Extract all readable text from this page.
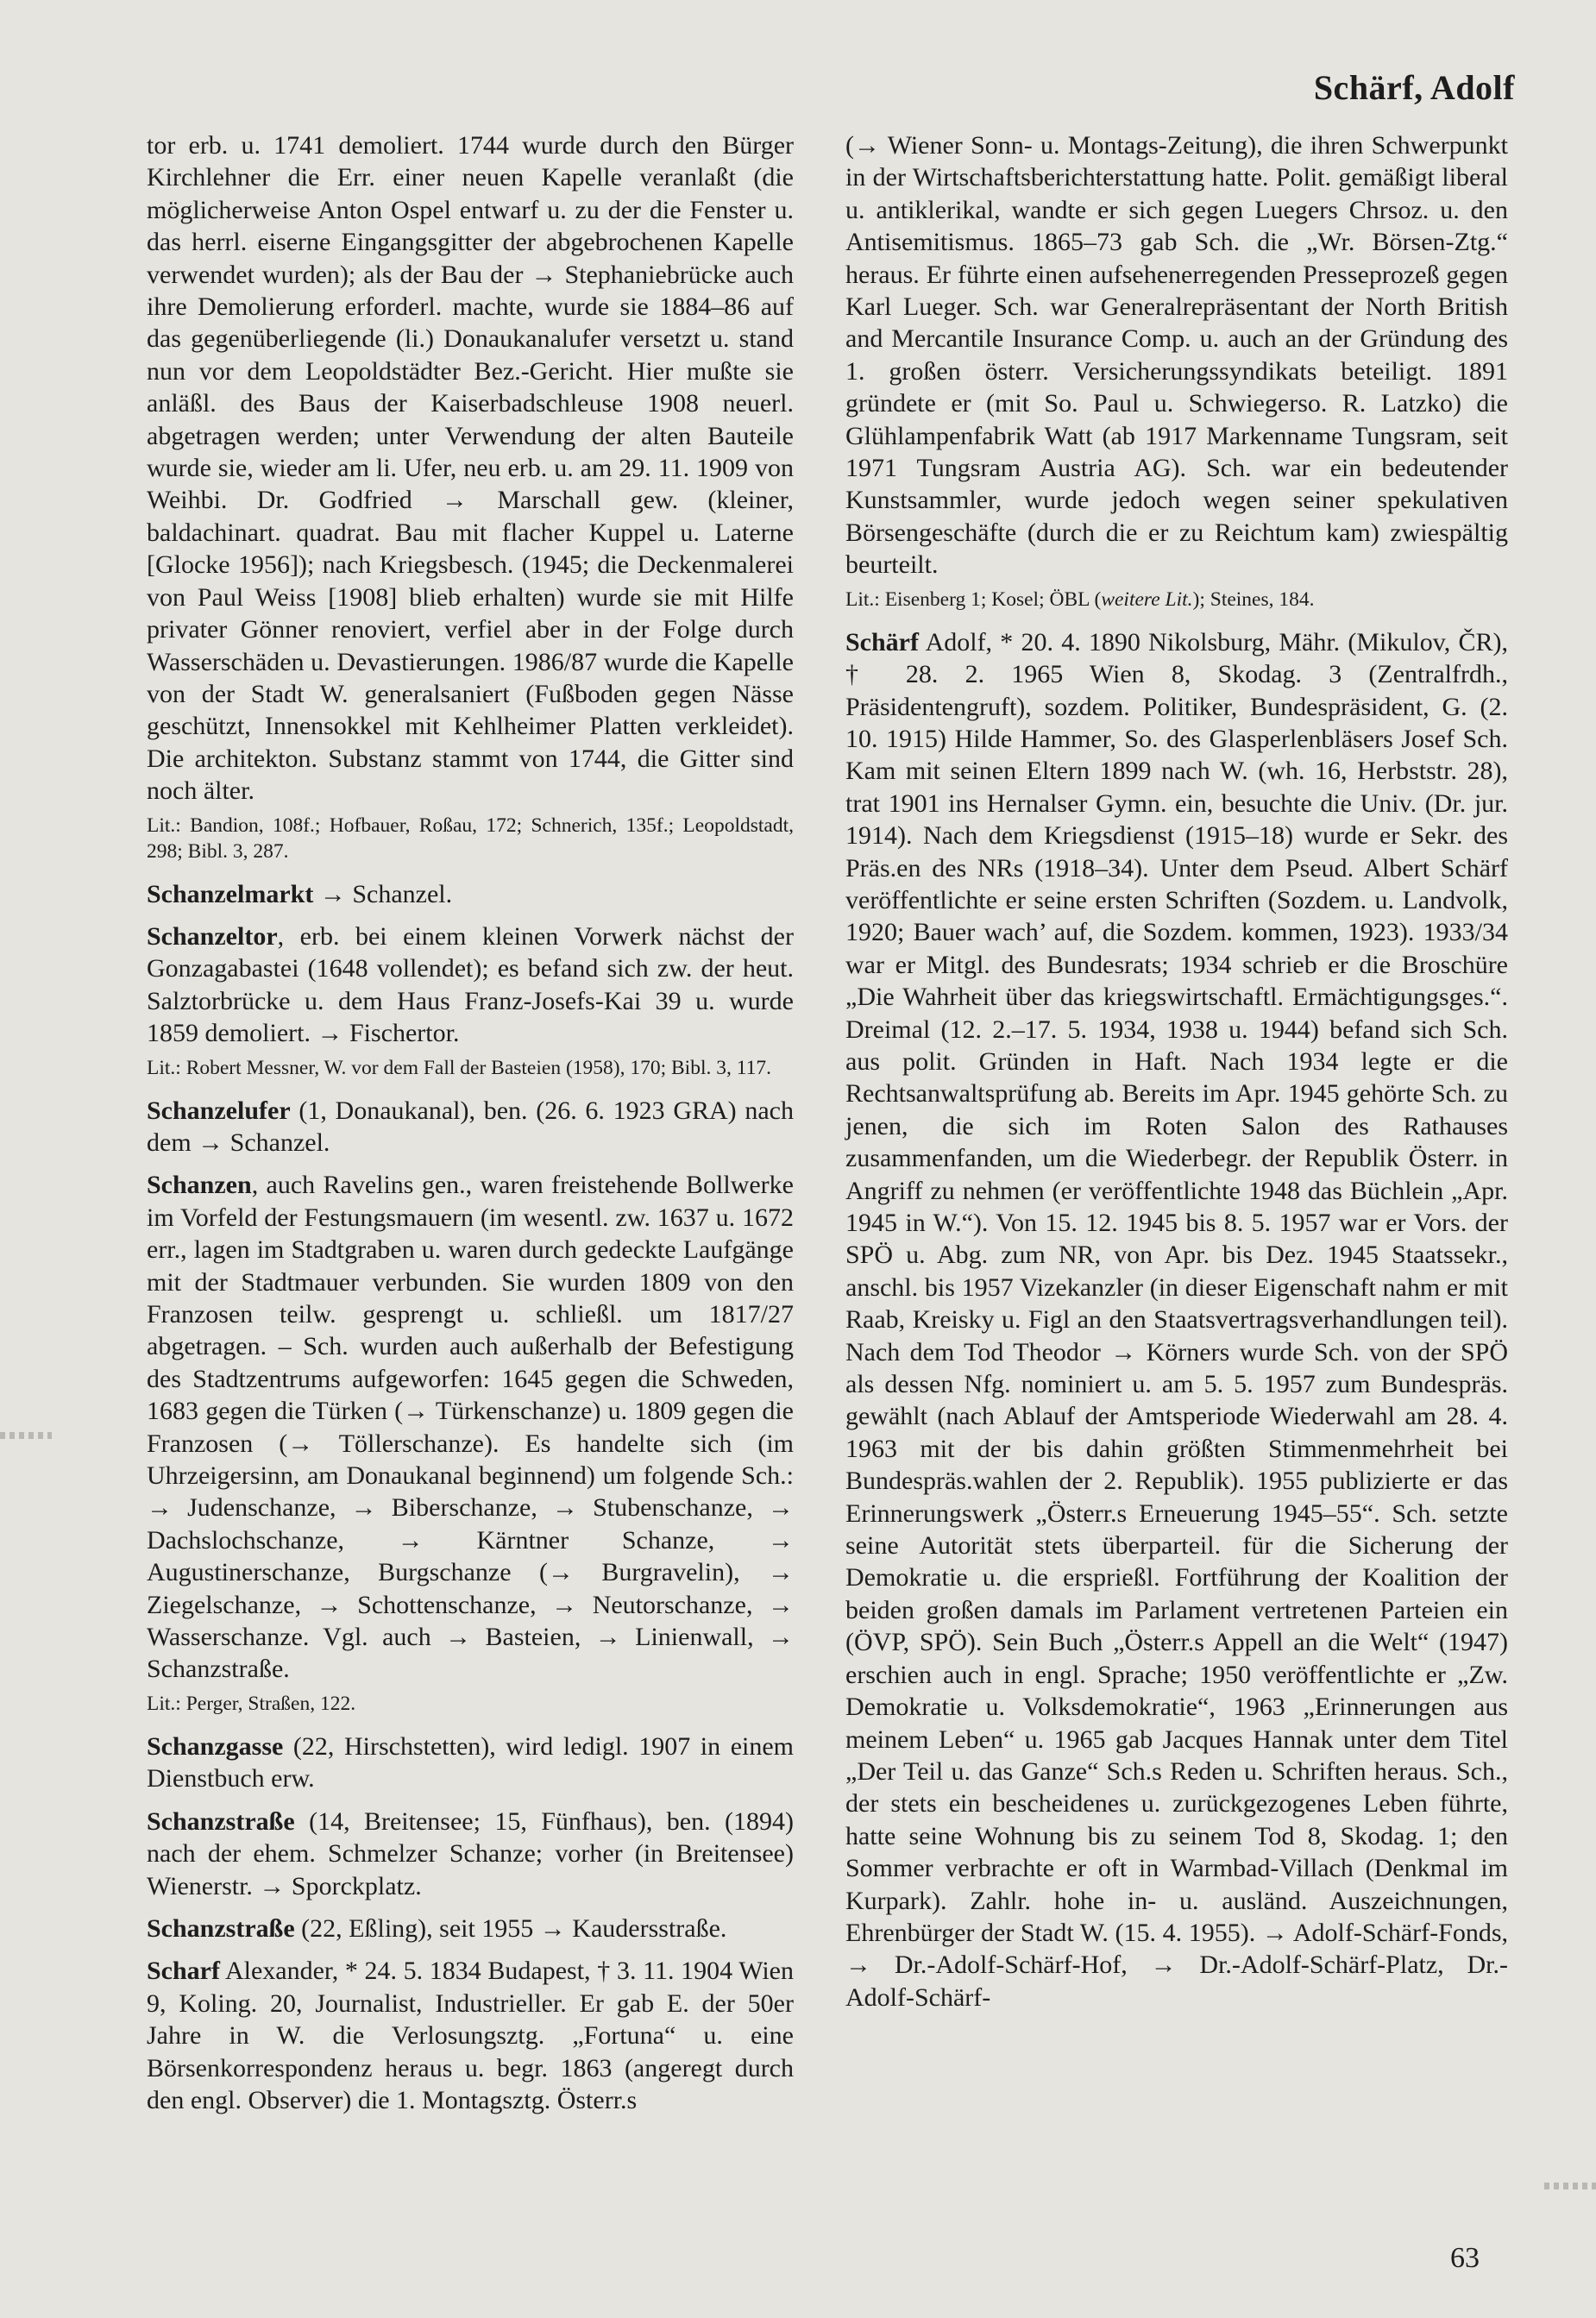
Schärf, Adolf

tor erb. u. 1741 demoliert. 1744 wurde durch den Bürger Kirchlehner die Err. einer neuen Kapelle veranlaßt (die möglicherweise Anton Ospel entwarf u. zu der die Fenster u. das herrl. eiserne Eingangsgitter der abgebrochenen Kapelle verwendet wurden); als der Bau der → Stephaniebrücke auch ihre Demolierung erforderl. machte, wurde sie 1884–86 auf das gegenüberliegende (li.) Donaukanalufer versetzt u. stand nun vor dem Leopoldstädter Bez.-Gericht. Hier mußte sie anläßl. des Baus der Kaiserbadschleuse 1908 neuerl. abgetragen werden; unter Verwendung der alten Bauteile wurde sie, wieder am li. Ufer, neu erb. u. am 29. 11. 1909 von Weihbi. Dr. Godfried → Marschall gew. (kleiner, baldachinart. quadrat. Bau mit flacher Kuppel u. Laterne [Glocke 1956]); nach Kriegsbesch. (1945; die Deckenmalerei von Paul Weiss [1908] blieb erhalten) wurde sie mit Hilfe privater Gönner renoviert, verfiel aber in der Folge durch Wasserschäden u. Devastierungen. 1986/87 wurde die Kapelle von der Stadt W. generalsaniert (Fußboden gegen Nässe geschützt, Innensokkel mit Kehlheimer Platten verkleidet). Die architekton. Substanz stammt von 1744, die Gitter sind noch älter.

Lit.: Bandion, 108f.; Hofbauer, Roßau, 172; Schnerich, 135f.; Leopoldstadt, 298; Bibl. 3, 287.

Schanzelmarkt → Schanzel.

Schanzeltor, erb. bei einem kleinen Vorwerk nächst der Gonzagabastei (1648 vollendet); es befand sich zw. der heut. Salztorbrücke u. dem Haus Franz-Josefs-Kai 39 u. wurde 1859 demoliert. → Fischertor.

Lit.: Robert Messner, W. vor dem Fall der Basteien (1958), 170; Bibl. 3, 117.

Schanzelufer (1, Donaukanal), ben. (26. 6. 1923 GRA) nach dem → Schanzel.

Schanzen, auch Ravelins gen., waren freistehende Bollwerke im Vorfeld der Festungsmauern (im wesentl. zw. 1637 u. 1672 err., lagen im Stadtgraben u. waren durch gedeckte Laufgänge mit der Stadtmauer verbunden. Sie wurden 1809 von den Franzosen teilw. gesprengt u. schließl. um 1817/27 abgetragen. – Sch. wurden auch außerhalb der Befestigung des Stadtzentrums aufgeworfen: 1645 gegen die Schweden, 1683 gegen die Türken (→ Türkenschanze) u. 1809 gegen die Franzosen (→ Töllerschanze). Es handelte sich (im Uhrzeigersinn, am Donaukanal beginnend) um folgende Sch.: → Judenschanze, → Biberschanze, → Stubenschanze, → Dachslochschanze, → Kärntner Schanze, → Augustinerschanze, Burgschanze (→ Burgravelin), → Ziegelschanze, → Schottenschanze, → Neutorschanze, → Wasserschanze. Vgl. auch → Basteien, → Linienwall, → Schanzstraße.

Lit.: Perger, Straßen, 122.

Schanzgasse (22, Hirschstetten), wird ledigl. 1907 in einem Dienstbuch erw.

Schanzstraße (14, Breitensee; 15, Fünfhaus), ben. (1894) nach der ehem. Schmelzer Schanze; vorher (in Breitensee) Wienerstr. → Sporckplatz.

Schanzstraße (22, Eßling), seit 1955 → Kaudersstraße.

Scharf Alexander, * 24. 5. 1834 Budapest, † 3. 11. 1904 Wien 9, Koling. 20, Journalist, Industrieller. Er gab E. der 50er Jahre in W. die Verlosungsztg. „Fortuna“ u. eine Börsenkorrespondenz heraus u. begr. 1863 (angeregt durch den engl. Observer) die 1. Montagsztg. Österr.s

(→ Wiener Sonn- u. Montags-Zeitung), die ihren Schwerpunkt in der Wirtschaftsberichterstattung hatte. Polit. gemäßigt liberal u. antiklerikal, wandte er sich gegen Luegers Chrsoz. u. den Antisemitismus. 1865–73 gab Sch. die „Wr. Börsen-Ztg.“ heraus. Er führte einen aufsehenerregenden Presseprozeß gegen Karl Lueger. Sch. war Generalrepräsentant der North British and Mercantile Insurance Comp. u. auch an der Gründung des 1. großen österr. Versicherungssyndikats beteiligt. 1891 gründete er (mit So. Paul u. Schwiegerso. R. Latzko) die Glühlampenfabrik Watt (ab 1917 Markenname Tungsram, seit 1971 Tungsram Austria AG). Sch. war ein bedeutender Kunstsammler, wurde jedoch wegen seiner spekulativen Börsengeschäfte (durch die er zu Reichtum kam) zwiespältig beurteilt.

Lit.: Eisenberg 1; Kosel; ÖBL (weitere Lit.); Steines, 184.

Schärf Adolf, * 20. 4. 1890 Nikolsburg, Mähr. (Mikulov, ČR), † 28. 2. 1965 Wien 8, Skodag. 3 (Zentralfrdh., Präsidentengruft), sozdem. Politiker, Bundespräsident, G. (2. 10. 1915) Hilde Hammer, So. des Glasperlenbläsers Josef Sch. Kam mit seinen Eltern 1899 nach W. (wh. 16, Herbststr. 28), trat 1901 ins Hernalser Gymn. ein, besuchte die Univ. (Dr. jur. 1914). Nach dem Kriegsdienst (1915–18) wurde er Sekr. des Präs.en des NRs (1918–34). Unter dem Pseud. Albert Schärf veröffentlichte er seine ersten Schriften (Sozdem. u. Landvolk, 1920; Bauer wach’ auf, die Sozdem. kommen, 1923). 1933/34 war er Mitgl. des Bundesrats; 1934 schrieb er die Broschüre „Die Wahrheit über das kriegswirtschaftl. Ermächtigungsges.“. Dreimal (12. 2.–17. 5. 1934, 1938 u. 1944) befand sich Sch. aus polit. Gründen in Haft. Nach 1934 legte er die Rechtsanwaltsprüfung ab. Bereits im Apr. 1945 gehörte Sch. zu jenen, die sich im Roten Salon des Rathauses zusammenfanden, um die Wiederbegr. der Republik Österr. in Angriff zu nehmen (er veröffentlichte 1948 das Büchlein „Apr. 1945 in W.“). Von 15. 12. 1945 bis 8. 5. 1957 war er Vors. der SPÖ u. Abg. zum NR, von Apr. bis Dez. 1945 Staatssekr., anschl. bis 1957 Vizekanzler (in dieser Eigenschaft nahm er mit Raab, Kreisky u. Figl an den Staatsvertragsverhandlungen teil). Nach dem Tod Theodor → Körners wurde Sch. von der SPÖ als dessen Nfg. nominiert u. am 5. 5. 1957 zum Bundespräs. gewählt (nach Ablauf der Amtsperiode Wiederwahl am 28. 4. 1963 mit der bis dahin größten Stimmenmehrheit bei Bundespräs.wahlen der 2. Republik). 1955 publizierte er das Erinnerungswerk „Österr.s Erneuerung 1945–55“. Sch. setzte seine Autorität stets überparteil. für die Sicherung der Demokratie u. die ersprießl. Fortführung der Koalition der beiden großen damals im Parlament vertretenen Parteien ein (ÖVP, SPÖ). Sein Buch „Österr.s Appell an die Welt“ (1947) erschien auch in engl. Sprache; 1950 veröffentlichte er „Zw. Demokratie u. Volksdemokratie“, 1963 „Erinnerungen aus meinem Leben“ u. 1965 gab Jacques Hannak unter dem Titel „Der Teil u. das Ganze“ Sch.s Reden u. Schriften heraus. Sch., der stets ein bescheidenes u. zurückgezogenes Leben führte, hatte seine Wohnung bis zu seinem Tod 8, Skodag. 1; den Sommer verbrachte er oft in Warmbad-Villach (Denkmal im Kurpark). Zahlr. hohe in- u. ausländ. Auszeichnungen, Ehrenbürger der Stadt W. (15. 4. 1955). → Adolf-Schärf-Fonds, → Dr.-Adolf-Schärf-Hof, → Dr.-Adolf-Schärf-Platz, Dr.-Adolf-Schärf-

63
